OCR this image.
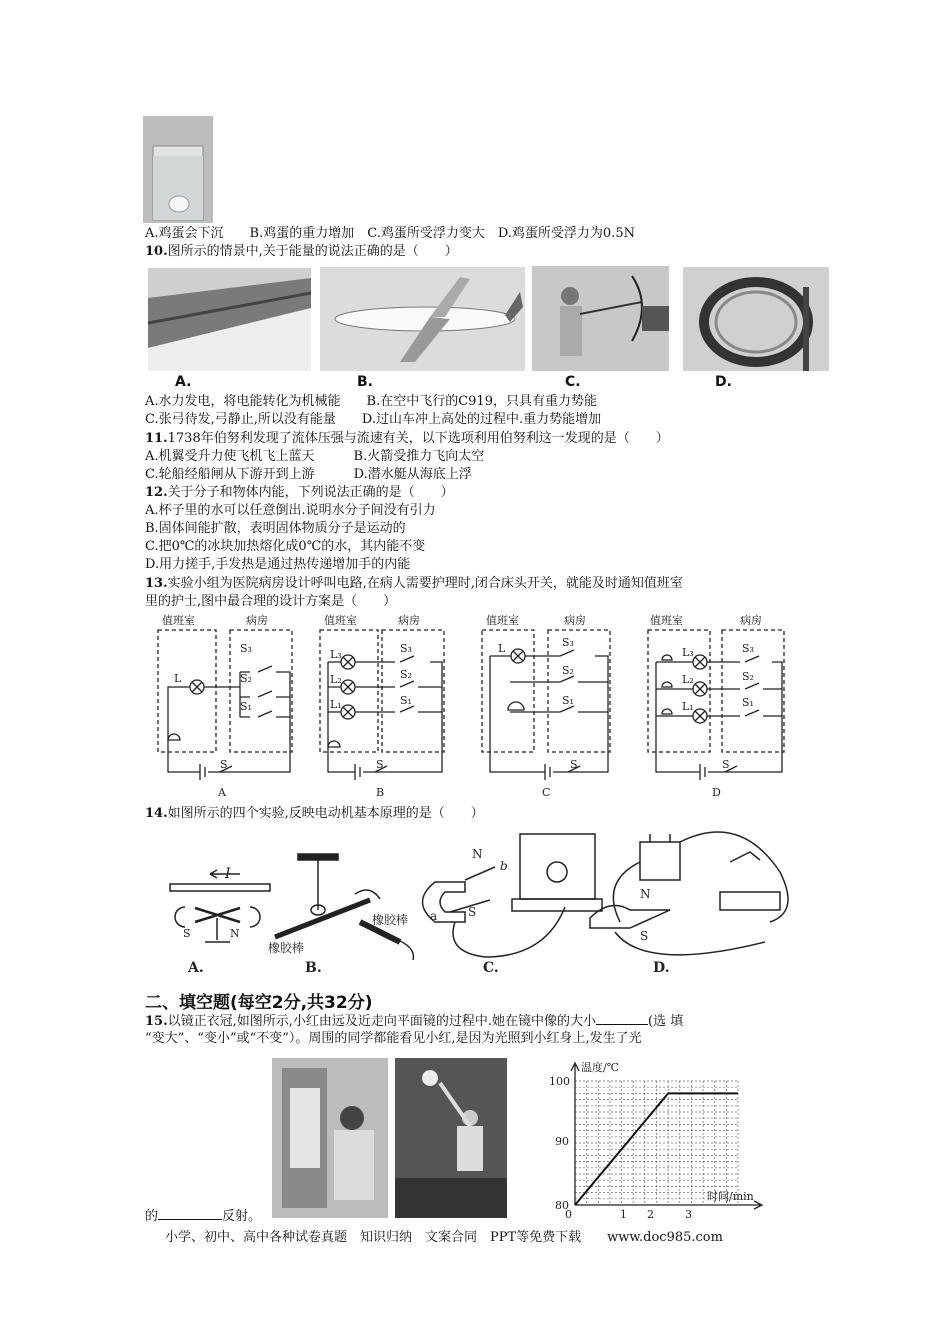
A.鸡蛋会下沉　　B.鸡蛋的重力增加　C.鸡蛋所受浮力变大　D.鸡蛋所受浮力为0.5N
10.图所示的情景中,关于能量的说法正确的是（　　）
A.	B.	C.	D.
A.水力发电，将电能转化为机械能　　B.在空中飞行的C919，只具有重力势能
C.张弓待发,弓静止,所以没有能量　　D.过山车冲上高处的过程中.重力势能增加
11.1738年伯努利发现了流体压强与流速有关，以下选项利用伯努利这一发现的是（　　）
A.机翼受升力使飞机飞上蓝天　　　B.火箭受推力飞向太空
C.轮船经船闸从下游开到上游　　　D.潜水艇从海底上浮
12.关于分子和物体内能，下列说法正确的是（　　）
A.杯子里的水可以任意倒出.说明水分子间没有引力
B.固体间能扩散，表明固体物质分子是运动的
C.把0℃的冰块加热熔化成0℃的水，其内能不变
D.用力搓手,手发热是通过热传递增加手的内能
13.实验小组为医院病房设计呼叫电路,在病人需要护理时,闭合床头开关，就能及时通知值班室
里的护士,图中最合理的设计方案是（　　）
值班室	病房
L
S₃
S₂
S₁
S
A
值班室	病房
L₃
L₂
L₁
S₃
S₂
S₁
S
B
值班室	病房
L	S₃
S₂
S₁
S
C
值班室	病房
L₃
L₂
L₁
S₃
S₂
S₁
S
D
14.如图所示的四个实验,反映电动机基本原理的是（　　）
I
S	N
橡胶棒
橡胶棒
N
b
a	S
N
S
A.	B.	C.	D.
二、填空题(每空2分,共32分)
15.以镜正衣冠,如图所示,小红由远及近走向平面镜的过程中.她在镜中像的大小	(选 填
“变大”、“变小”或“不变”）。周围的同学都能看见小红,是因为光照到小红身上,发生了光
温度/℃
时间/min
100
90
80
0	1 2	3
的	反射。
小学、初中、高中各种试卷真题　知识归纳　文案合同　PPT等免费下载　　www.doc985.com
